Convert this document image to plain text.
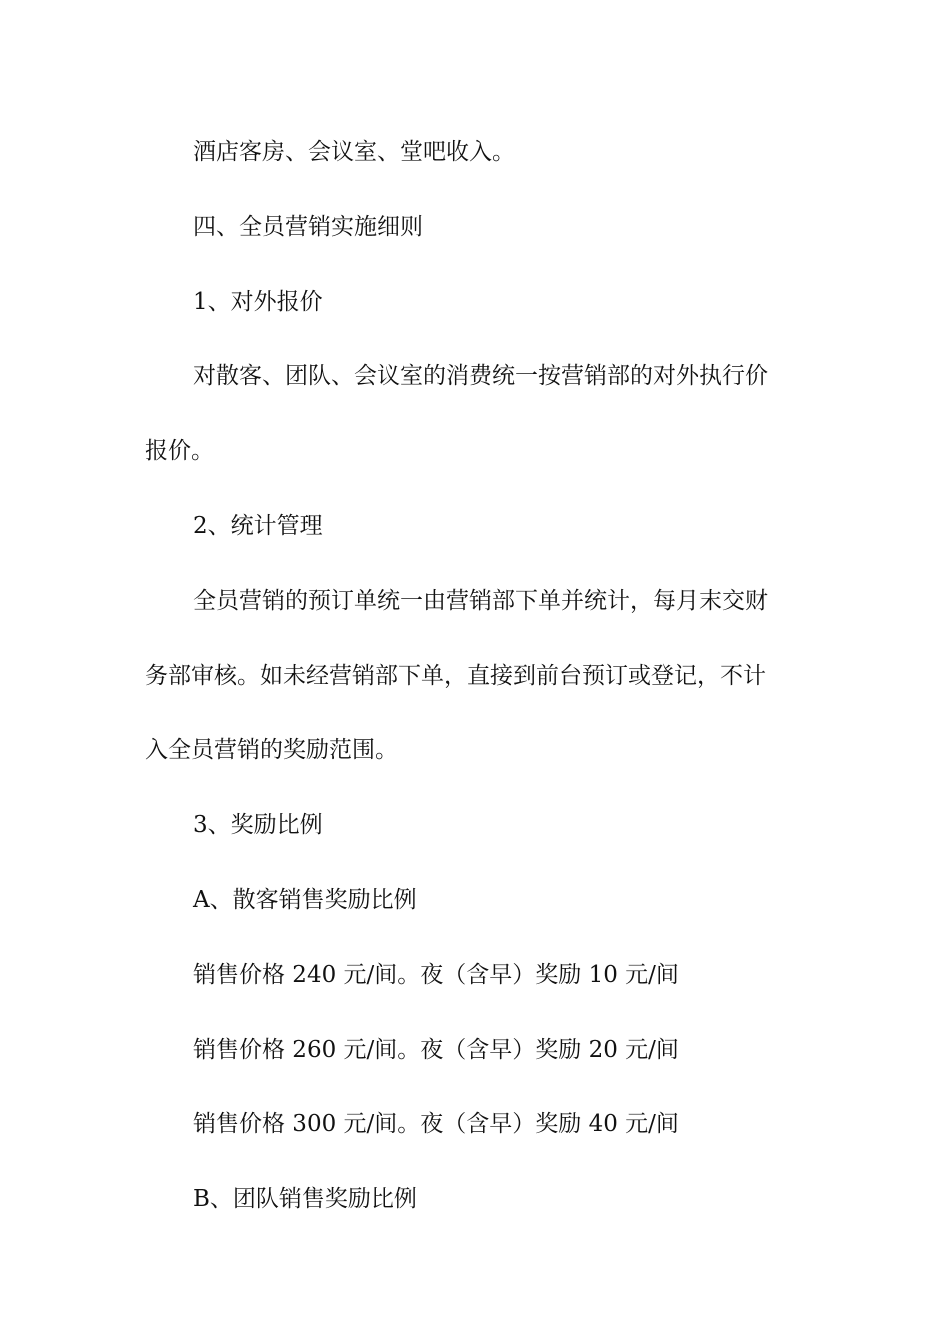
酒店客房、会议室、堂吧收入。
四、全员营销实施细则
1、对外报价
对散客、团队、会议室的消费统一按营销部的对外执行价
报价。
2、统计管理
全员营销的预订单统一由营销部下单并统计，每月末交财
务部审核。如未经营销部下单，直接到前台预订或登记，不计
入全员营销的奖励范围。
3、奖励比例
A、散客销售奖励比例
销售价格 240 元/间。夜（含早）奖励 10 元/间
销售价格 260 元/间。夜（含早）奖励 20 元/间
销售价格 300 元/间。夜（含早）奖励 40 元/间
B、团队销售奖励比例
